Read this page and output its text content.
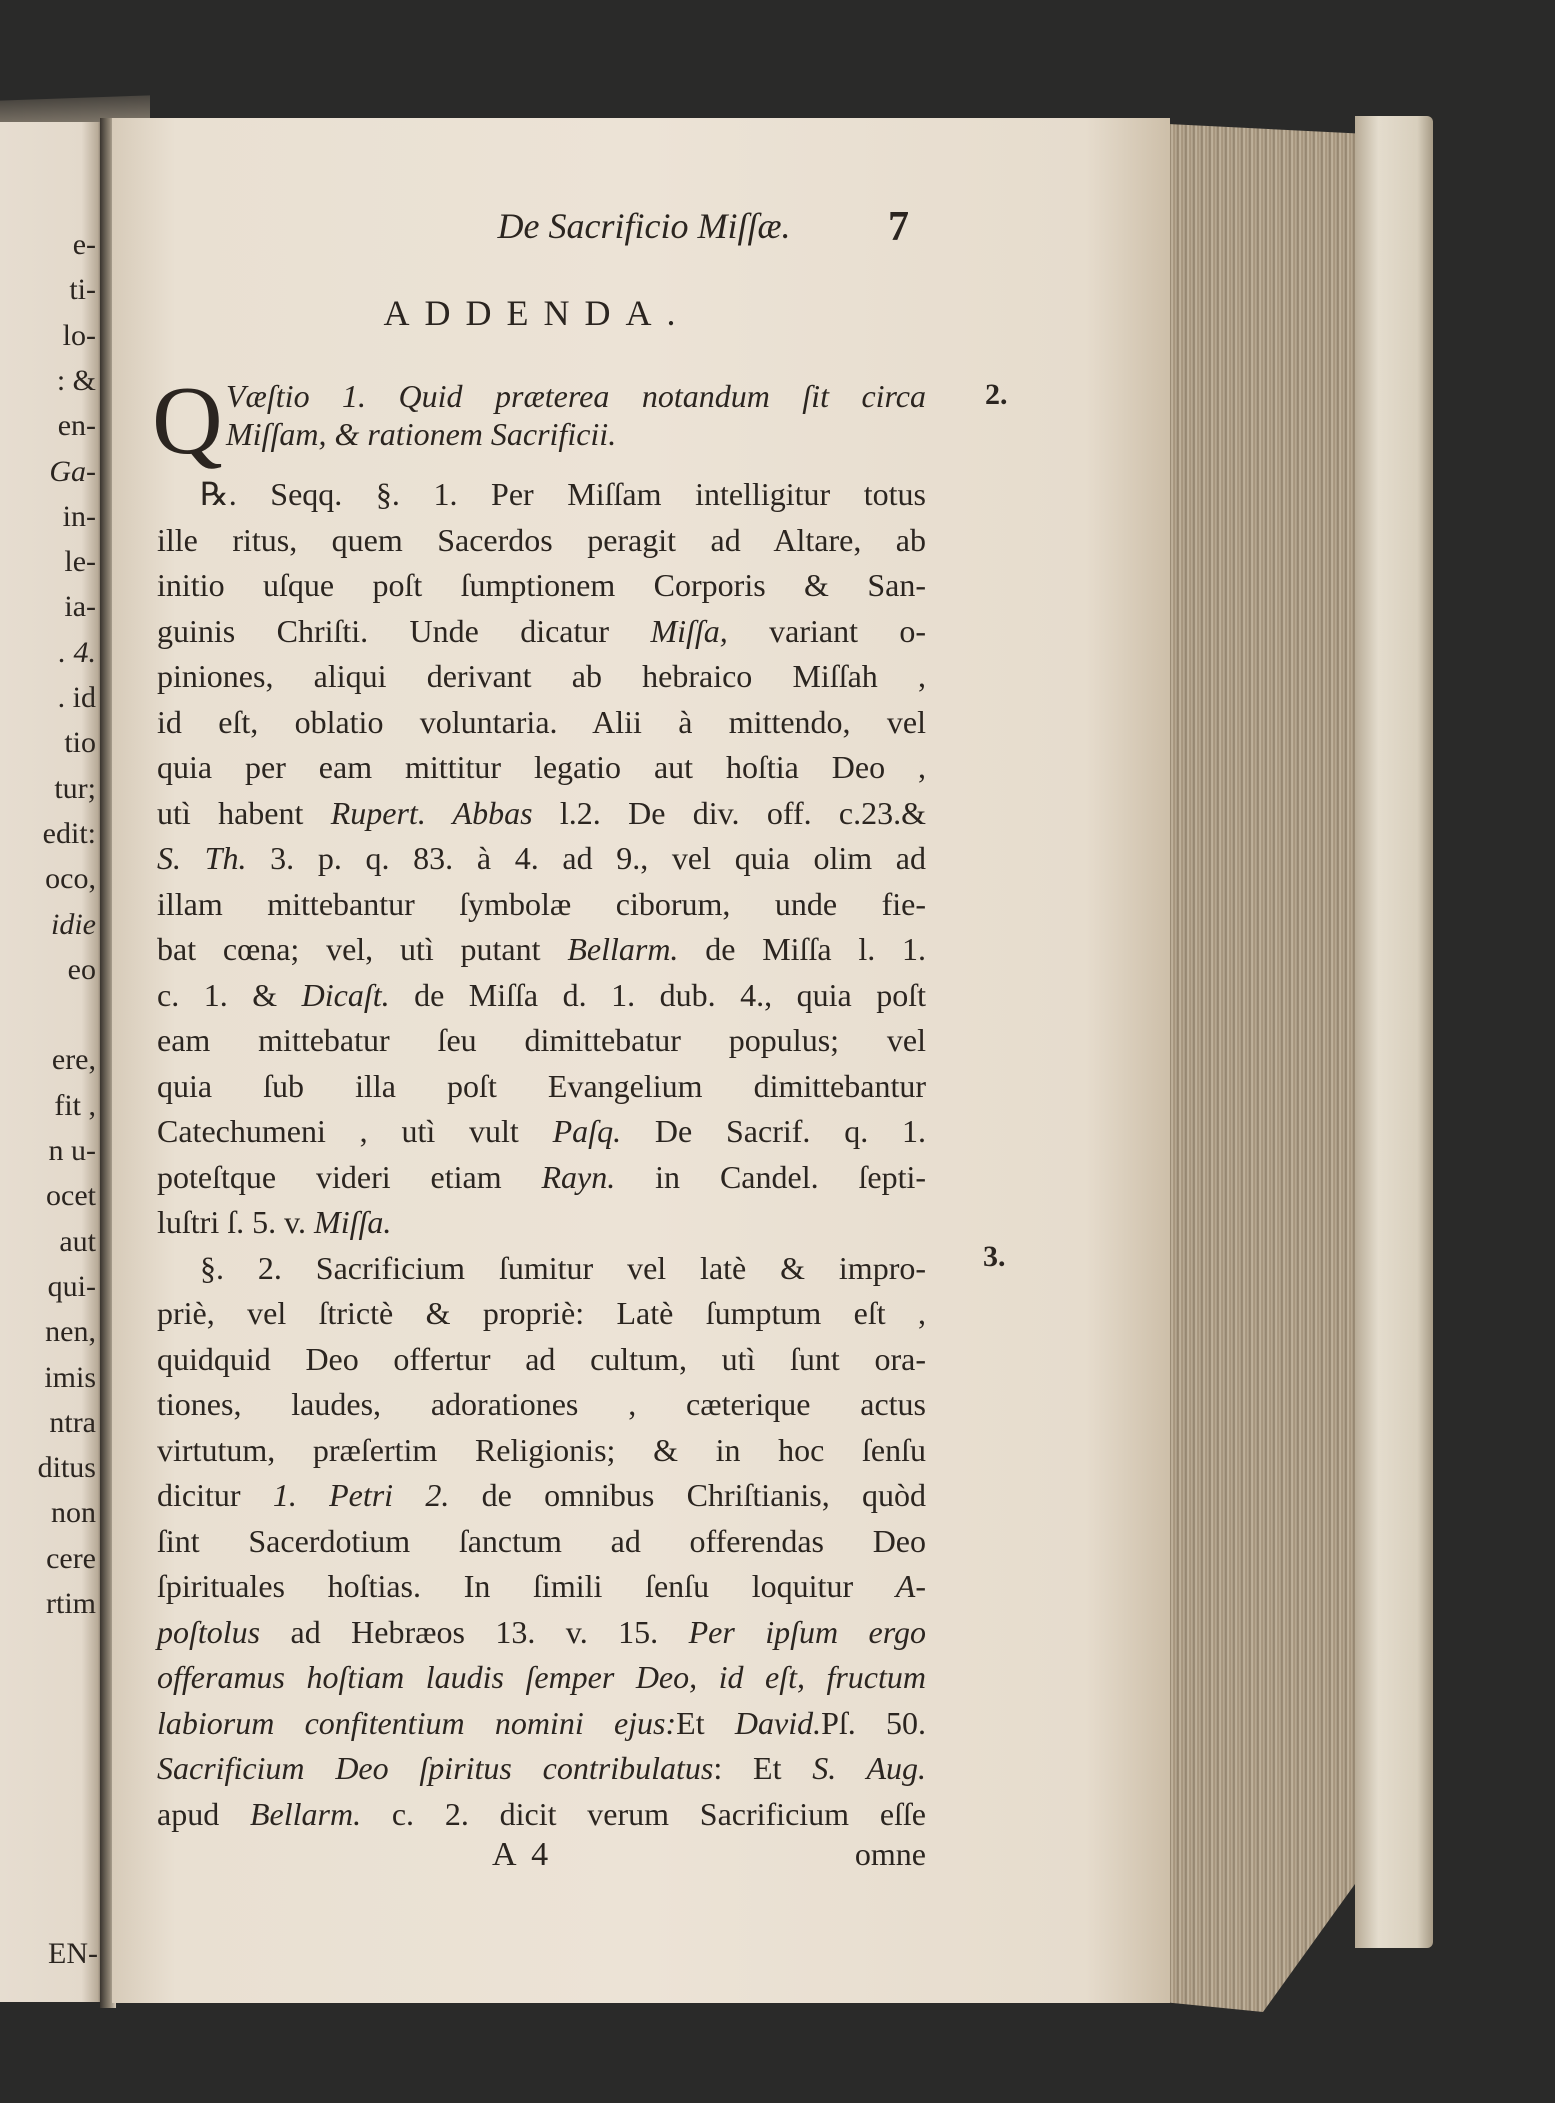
e-
ti-
lo-
: &
en-
Ga-
in-
le-
ia-
. 4.
. id
tio
tur;
edit:
oco,
idie
eo
ere,
fit ,
n u-
ocet
aut
qui-
nen,
imis
ntra
ditus
non
cere
rtim
EN-
De Sacrificio Miſſæ.	7
ADDENDA.
Q Væſtio 1. Quid præterea notandum ſit circa
Miſſam, & rationem Sacrificii.
℞. Seqq. §. 1. Per Miſſam intelligitur totus
ille ritus, quem Sacerdos peragit ad Altare, ab
initio uſque poſt ſumptionem Corporis & San-
guinis Chriſti. Unde dicatur Miſſa, variant o-
piniones, aliqui derivant ab hebraico Miſſah ,
id eſt, oblatio voluntaria. Alii à mittendo, vel
quia per eam mittitur legatio aut hoſtia Deo ,
utì habent Rupert. Abbas l.2. De div. off. c.23.&
S. Th. 3. p. q. 83. à 4. ad 9., vel quia olim ad
illam mittebantur ſymbolæ ciborum, unde fie-
bat cœna; vel, utì putant Bellarm. de Miſſa l. 1.
c. 1. & Dicaſt. de Miſſa d. 1. dub. 4., quia poſt
eam mittebatur ſeu dimittebatur populus; vel
quia ſub illa poſt Evangelium dimittebantur
Catechumeni , utì vult Paſq. De Sacrif. q. 1.
poteſtque videri etiam Rayn. in Candel. ſepti-
luſtri ſ. 5. v. Miſſa.
§. 2. Sacrificium ſumitur vel latè & impro-
priè, vel ſtrictè & propriè: Latè ſumptum eſt ,
quidquid Deo offertur ad cultum, utì ſunt ora-
tiones, laudes, adorationes , cæterique actus
virtutum, præſertim Religionis; & in hoc ſenſu
dicitur 1. Petri 2. de omnibus Chriſtianis, quòd
ſint Sacerdotium ſanctum ad offerendas Deo
ſpirituales hoſtias. In ſimili ſenſu loquitur A-
poſtolus ad Hebræos 13. v. 15. Per ipſum ergo
offeramus hoſtiam laudis ſemper Deo, id eſt, fructum
labiorum confitentium nomini ejus:Et David.Pſ. 50.
Sacrificium Deo ſpiritus contribulatus: Et S. Aug.
apud Bellarm. c. 2. dicit verum Sacrificium eſſe
2.
3.
A 4	omne
